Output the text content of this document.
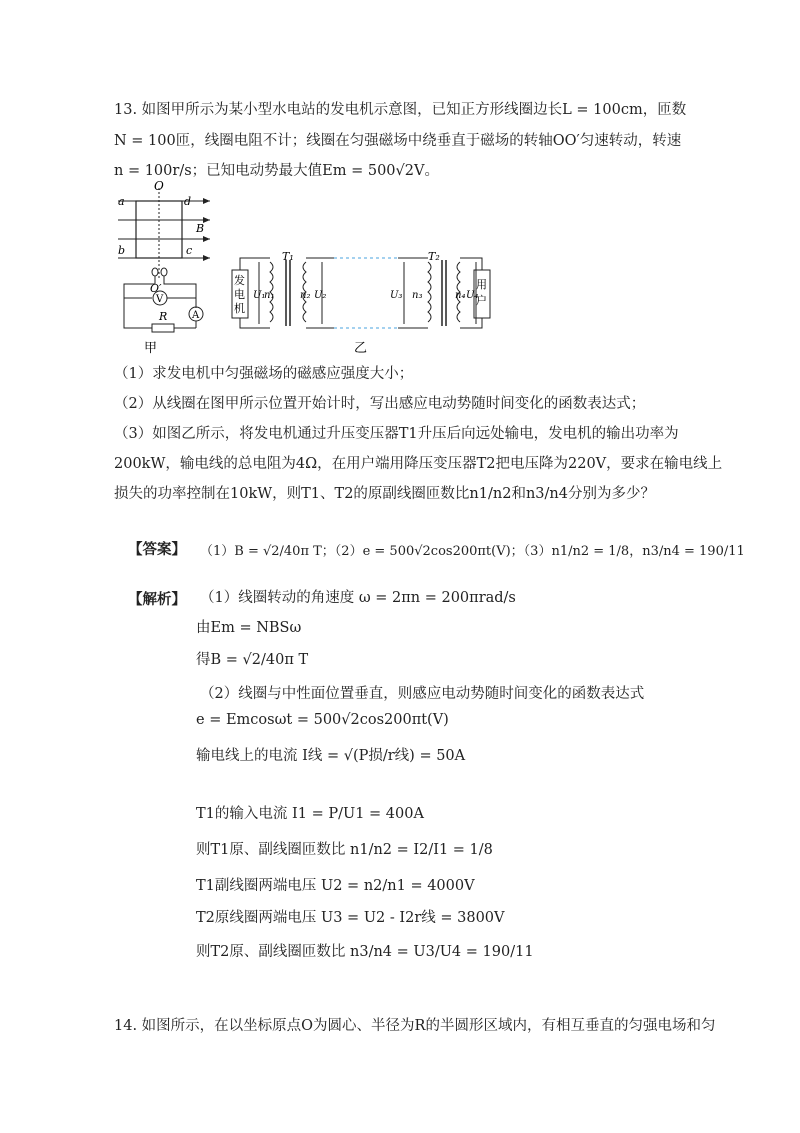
13. 如图甲所示为某小型水电站的发电机示意图，已知正方形线圈边长L = 100cm，匝数
N = 100匝，线圈电阻不计；线圈在匀强磁场中绕垂直于磁场的转轴OO′匀速转动，转速
n = 100r/s；已知电动势最大值Em = 500√2V。
O
a	d
B
b	c
O′
V
R A
甲
发
电
机
U₁
n₁
T₁
n₂ U₂	U₃ n₃
T₂
n₄ U₄
用
户
乙
（1）求发电机中匀强磁场的磁感应强度大小；
（2）从线圈在图甲所示位置开始计时，写出感应电动势随时间变化的函数表达式；
（3）如图乙所示，将发电机通过升压变压器T1升压后向远处输电，发电机的输出功率为
200kW，输电线的总电阻为4Ω，在用户端用降压变压器T2把电压降为220V，要求在输电线上
损失的功率控制在10kW，则T1、T2的原副线圈匝数比n1/n2和n3/n4分别为多少？
【答案】 （1）B = √2/40π T；（2）e = 500√2cos200πt(V)；（3）n1/n2 = 1/8，n3/n4 = 190/11
【解析】 （1）线圈转动的角速度 ω = 2πn = 200πrad/s
由Em = NBSω
得B = √2/40π T
（2）线圈与中性面位置垂直，则感应电动势随时间变化的函数表达式
e = Emcosωt = 500√2cos200πt(V)
输电线上的电流 I线 = √(P损/r线) = 50A
T1的输入电流 I1 = P/U1 = 400A
则T1原、副线圈匝数比 n1/n2 = I2/I1 = 1/8
T1副线圈两端电压 U2 = n2/n1 = 4000V
T2原线圈两端电压 U3 = U2 - I2r线 = 3800V
则T2原、副线圈匝数比 n3/n4 = U3/U4 = 190/11
14. 如图所示，在以坐标原点O为圆心、半径为R的半圆形区域内，有相互垂直的匀强电场和匀
